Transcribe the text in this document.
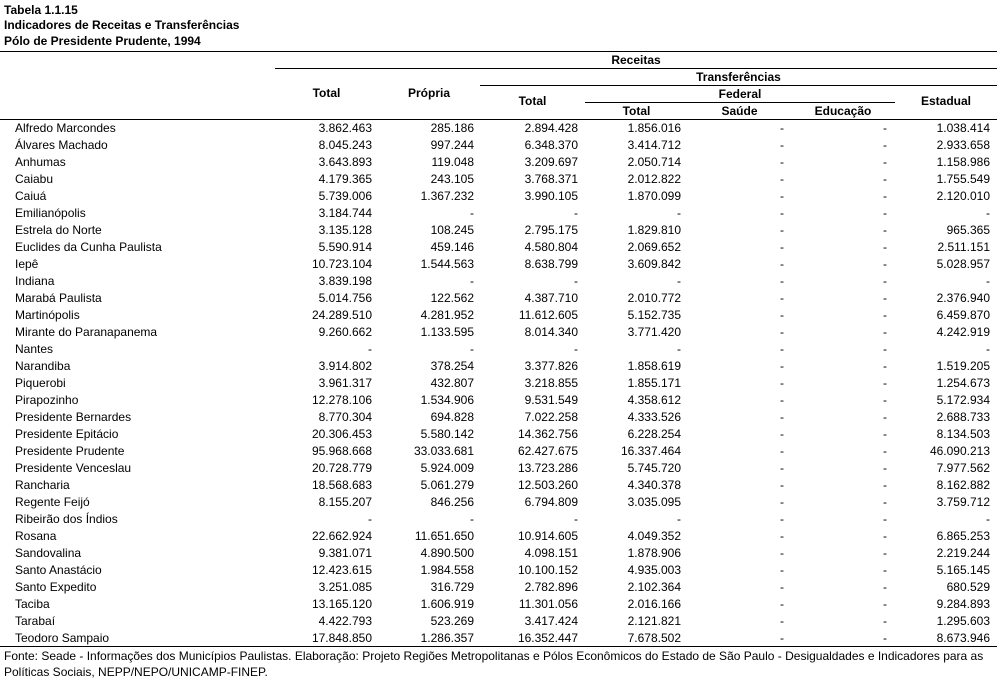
Tabela 1.1.15
Indicadores de Receitas e Transferências
Pólo de Presidente Prudente, 1994
Receitas
Transferências
Federal
Total	Própria
Total	Estadual
Total	Saúde	Educação
Alfredo Marcondes	3.862.463	285.186	2.894.428	1.856.016	-	-	1.038.414
Álvares Machado	8.045.243	997.244	6.348.370	3.414.712	-	-	2.933.658
Anhumas	3.643.893	119.048	3.209.697	2.050.714	-	-	1.158.986
Caiabu	4.179.365	243.105	3.768.371	2.012.822	-	-	1.755.549
Caiuá	5.739.006	1.367.232	3.990.105	1.870.099	-	-	2.120.010
Emilianópolis	3.184.744	-	-	-	-	-	-
Estrela do Norte	3.135.128	108.245	2.795.175	1.829.810	-	-	965.365
Euclides da Cunha Paulista	5.590.914	459.146	4.580.804	2.069.652	-	-	2.511.151
Iepê	10.723.104	1.544.563	8.638.799	3.609.842	-	-	5.028.957
Indiana	3.839.198	-	-	-	-	-	-
Marabá Paulista	5.014.756	122.562	4.387.710	2.010.772	-	-	2.376.940
Martinópolis	24.289.510	4.281.952	11.612.605	5.152.735	-	-	6.459.870
Mirante do Paranapanema	9.260.662	1.133.595	8.014.340	3.771.420	-	-	4.242.919
Nantes	-	-	-	-	-	-	-
Narandiba	3.914.802	378.254	3.377.826	1.858.619	-	-	1.519.205
Piquerobi	3.961.317	432.807	3.218.855	1.855.171	-	-	1.254.673
Pirapozinho	12.278.106	1.534.906	9.531.549	4.358.612	-	-	5.172.934
Presidente Bernardes	8.770.304	694.828	7.022.258	4.333.526	-	-	2.688.733
Presidente Epitácio	20.306.453	5.580.142	14.362.756	6.228.254	-	-	8.134.503
Presidente Prudente	95.968.668	33.033.681	62.427.675	16.337.464	-	-	46.090.213
Presidente Venceslau	20.728.779	5.924.009	13.723.286	5.745.720	-	-	7.977.562
Rancharia	18.568.683	5.061.279	12.503.260	4.340.378	-	-	8.162.882
Regente Feijó	8.155.207	846.256	6.794.809	3.035.095	-	-	3.759.712
Ribeirão dos Índios	-	-	-	-	-	-	-
Rosana	22.662.924	11.651.650	10.914.605	4.049.352	-	-	6.865.253
Sandovalina	9.381.071	4.890.500	4.098.151	1.878.906	-	-	2.219.244
Santo Anastácio	12.423.615	1.984.558	10.100.152	4.935.003	-	-	5.165.145
Santo Expedito	3.251.085	316.729	2.782.896	2.102.364	-	-	680.529
Taciba	13.165.120	1.606.919	11.301.056	2.016.166	-	-	9.284.893
Tarabaí	4.422.793	523.269	3.417.424	2.121.821	-	-	1.295.603
Teodoro Sampaio	17.848.850	1.286.357	16.352.447	7.678.502	-	-	8.673.946
Fonte: Seade - Informações dos Municípios Paulistas. Elaboração: Projeto Regiões Metropolitanas e Pólos Econômicos do Estado de São Paulo - Desigualdades e Indicadores para as Políticas Sociais, NEPP/NEPO/UNICAMP-FINEP.
